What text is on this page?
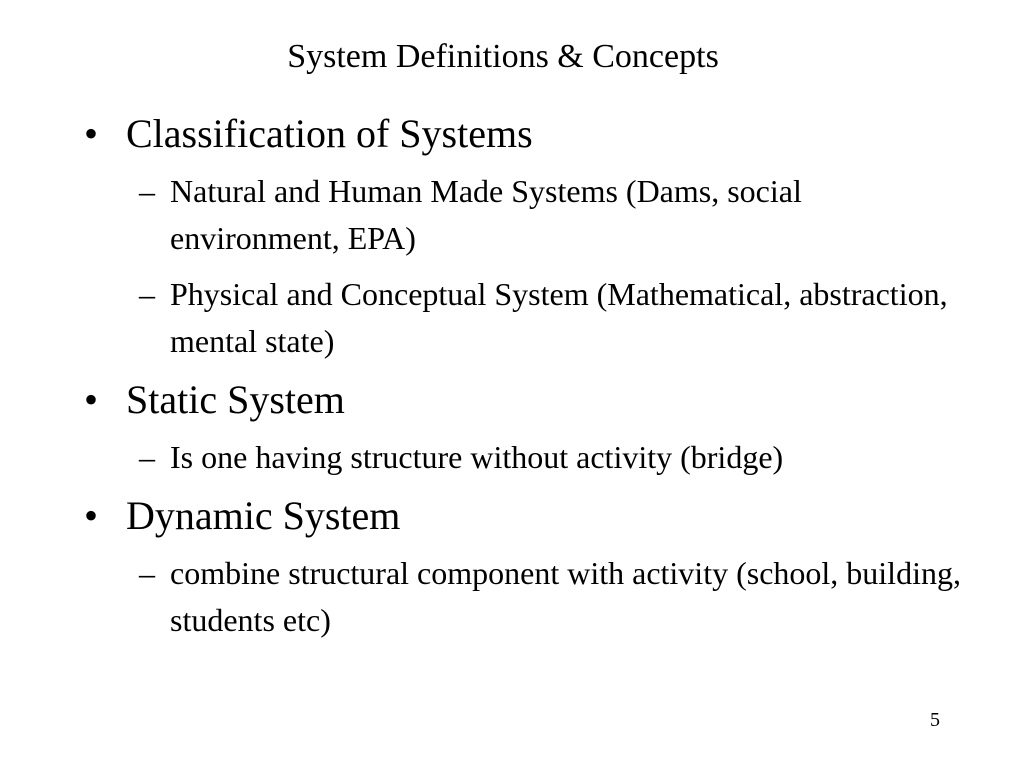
System Definitions & Concepts
• Classification of Systems
– Natural and Human Made Systems (Dams, social environment, EPA)
– Physical and Conceptual System (Mathematical, abstraction, mental state)
• Static System
– Is one having structure without activity (bridge)
• Dynamic System
– combine structural component with activity (school, building, students etc)
5
